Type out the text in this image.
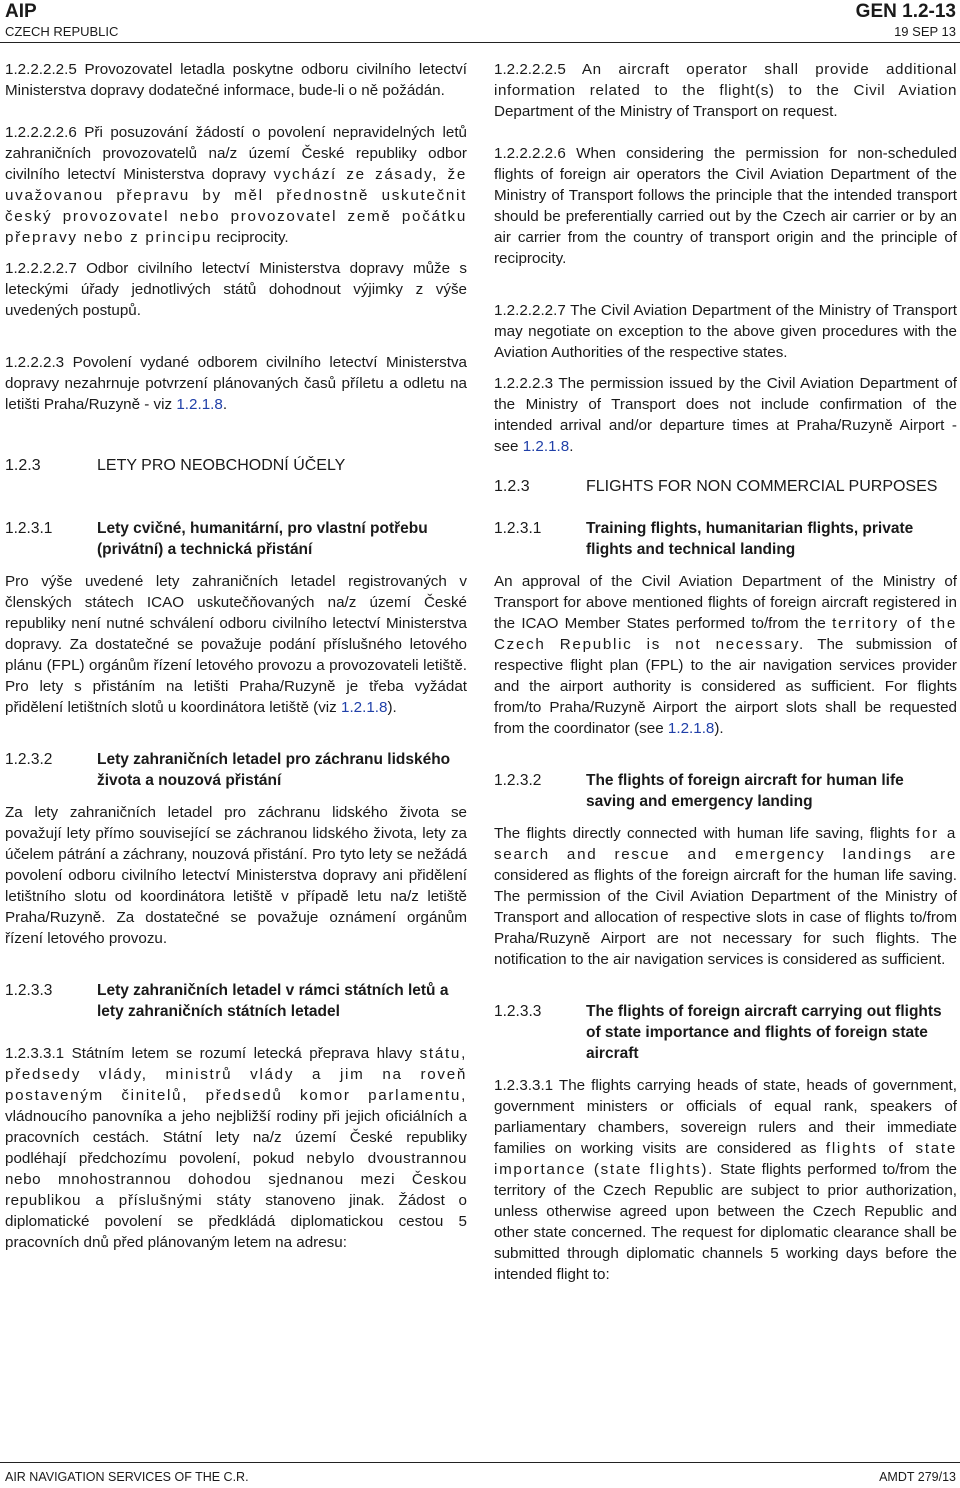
AIP
CZECH REPUBLIC
GEN 1.2-13
19 SEP 13

1.2.2.2.2.5 Provozovatel letadla poskytne odboru civilního letectví Ministerstva dopravy dodatečné informace, bude-li o ně požádán.

1.2.2.2.2.6 Při posuzování žádostí o povolení nepravidelných letů zahraničních provozovatelů na/z území České republiky odbor civilního letectví Ministerstva dopravy vychází ze zásady, že uvažovanou přepravu by měl přednostně uskutečnit český provozovatel nebo provozovatel země počátku přepravy nebo z principu reciprocity.

1.2.2.2.2.7 Odbor civilního letectví Ministerstva dopravy může s leteckými úřady jednotlivých států dohodnout výjimky z výše uvedených postupů.

1.2.2.2.3 Povolení vydané odborem civilního letectví Ministerstva dopravy nezahrnuje potvrzení plánovaných časů příletu a odletu na letišti Praha/Ruzyně - viz 1.2.1.8.

1.2.3	LETY PRO NEOBCHODNÍ ÚČELY
1.2.3.1	Lety cvičné, humanitární, pro vlastní potřebu (privátní) a technická přistání

Pro výše uvedené lety zahraničních letadel registrovaných v členských státech ICAO uskutečňovaných na/z území České republiky není nutné schválení odboru civilního letectví Ministerstva dopravy. Za dostatečné se považuje podání příslušného letového plánu (FPL) orgánům řízení letového provozu a provozovateli letiště. Pro lety s přistáním na letišti Praha/Ruzyně je třeba vyžádat přidělení letištních slotů u koordinátora letiště (viz 1.2.1.8).

1.2.3.2	Lety zahraničních letadel pro záchranu lidského života a nouzová přistání

Za lety zahraničních letadel pro záchranu lidského života se považují lety přímo související se záchranou lidského života, lety za účelem pátrání a záchrany, nouzová přistání. Pro tyto lety se nežádá povolení odboru civilního letectví Ministerstva dopravy ani přidělení letištního slotu od koordinátora letiště v případě letu na/z letiště Praha/Ruzyně. Za dostatečné se považuje oznámení orgánům řízení letového provozu.

1.2.3.3	Lety zahraničních letadel v rámci státních letů a lety zahraničních státních letadel

1.2.3.3.1 Státním letem se rozumí letecká přeprava hlavy státu, předsedy vlády, ministrů vlády a jim na roveň postaveným činitelů, předsedů komor parlamentu, vládnoucího panovníka a jeho nejbližší rodiny při jejich oficiálních a pracovních cestách. Státní lety na/z území České republiky podléhají předchozímu povolení, pokud nebylo dvoustrannou nebo mnohostrannou dohodou sjednanou mezi Českou republikou a příslušnými státy stanoveno jinak. Žádost o diplomatické povolení se předkládá diplomatickou cestou 5 pracovních dnů před plánovaným letem na adresu:

1.2.2.2.2.5 An aircraft operator shall provide additional information related to the flight(s) to the Civil Aviation Department of the Ministry of Transport on request.

1.2.2.2.2.6 When considering the permission for non-scheduled flights of foreign air operators the Civil Aviation Department of the Ministry of Transport follows the principle that the intended transport should be preferentially carried out by the Czech air carrier or by an air carrier from the country of transport origin and the principle of reciprocity.

1.2.2.2.2.7 The Civil Aviation Department of the Ministry of Transport may negotiate on exception to the above given procedures with the Aviation Authorities of the respective states.

1.2.2.2.3 The permission issued by the Civil Aviation Department of the Ministry of Transport does not include confirmation of the intended arrival and/or departure times at Praha/Ruzyně Airport - see 1.2.1.8.

1.2.3	FLIGHTS FOR NON COMMERCIAL PURPOSES
1.2.3.1	Training flights, humanitarian flights, private flights and technical landing

An approval of the Civil Aviation Department of the Ministry of Transport for above mentioned flights of foreign aircraft registered in the ICAO Member States performed to/from the territory of the Czech Republic is not necessary. The submission of respective flight plan (FPL) to the air navigation services provider and the airport authority is considered as sufficient. For flights from/to Praha/Ruzyně Airport the airport slots shall be requested from the coordinator (see 1.2.1.8).

1.2.3.2	The flights of foreign aircraft for human life saving and emergency landing

The flights directly connected with human life saving, flights for a search and rescue and emergency landings are considered as flights of the foreign aircraft for the human life saving. The permission of the Civil Aviation Department of the Ministry of Transport and allocation of respective slots in case of flights to/from Praha/Ruzyně Airport are not necessary for such flights. The notification to the air navigation services is considered as sufficient.

1.2.3.3	The flights of foreign aircraft carrying out flights of state importance and flights of foreign state aircraft

1.2.3.3.1 The flights carrying heads of state, heads of government, government ministers or officials of equal rank, speakers of parliamentary chambers, sovereign rulers and their immediate families on working visits are considered as flights of state importance (state flights). State flights performed to/from the territory of the Czech Republic are subject to prior authorization, unless otherwise agreed upon between the Czech Republic and other state concerned. The request for diplomatic clearance shall be submitted through diplomatic channels 5 working days before the intended flight to:

AIR NAVIGATION SERVICES OF THE C.R.	AMDT 279/13
